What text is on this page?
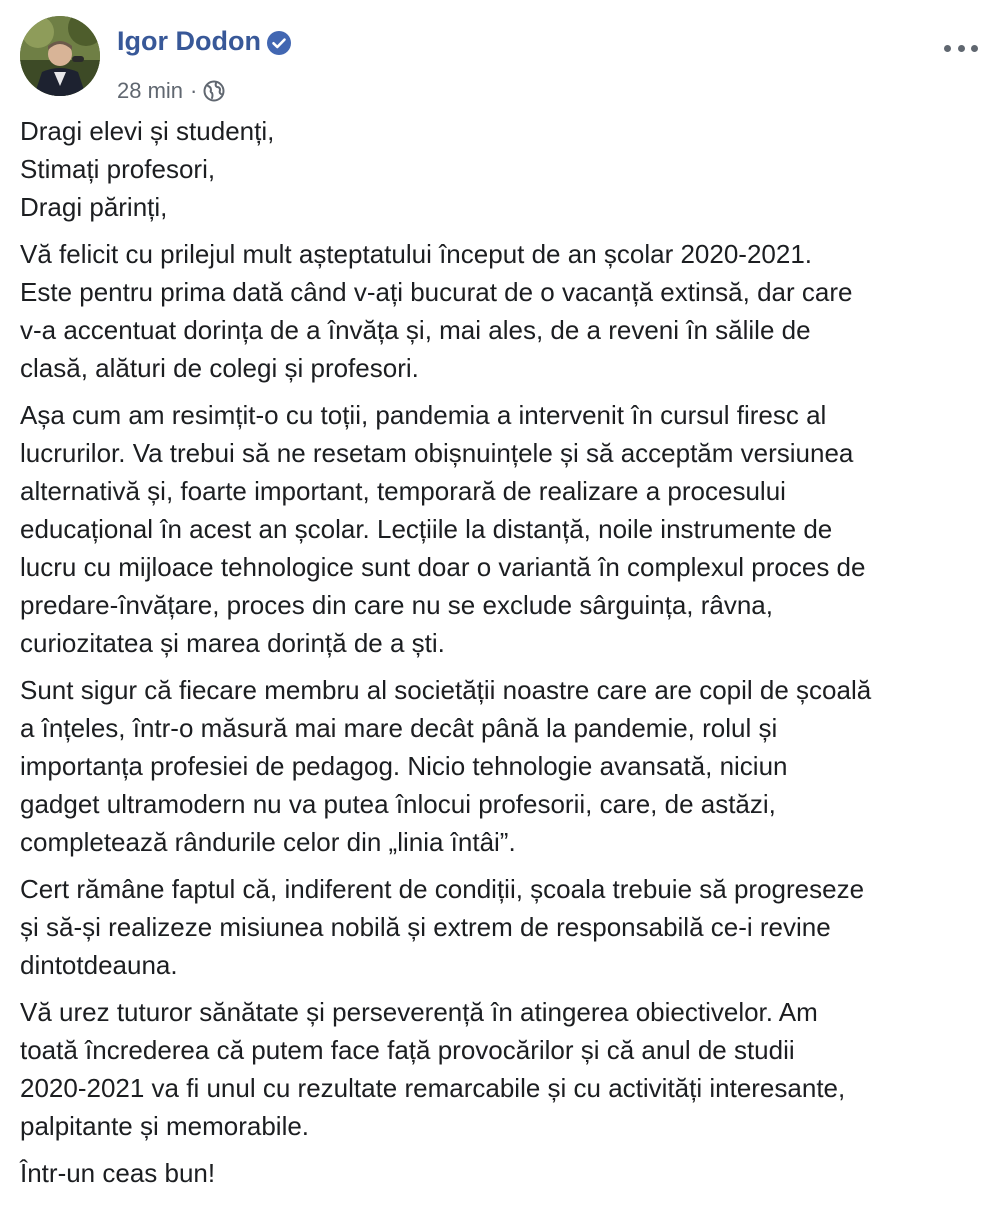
Igor Dodon
28 min ·

Dragi elevi și studenți,
Stimați profesori,
Dragi părinți,

Vă felicit cu prilejul mult așteptatului început de an școlar 2020-2021.
Este pentru prima dată când v-ați bucurat de o vacanță extinsă, dar care
v-a accentuat dorința de a învăța și, mai ales, de a reveni în sălile de
clasă, alături de colegi și profesori.

Așa cum am resimțit-o cu toții, pandemia a intervenit în cursul firesc al
lucrurilor. Va trebui să ne resetam obișnuințele și să acceptăm versiunea
alternativă și, foarte important, temporară de realizare a procesului
educațional în acest an școlar. Lecțiile la distanță, noile instrumente de
lucru cu mijloace tehnologice sunt doar o variantă în complexul proces de
predare-învățare, proces din care nu se exclude sârguința, râvna,
curiozitatea și marea dorință de a ști.

Sunt sigur că fiecare membru al societății noastre care are copil de școală
a înțeles, într-o măsură mai mare decât până la pandemie, rolul și
importanța profesiei de pedagog. Nicio tehnologie avansată, niciun
gadget ultramodern nu va putea înlocui profesorii, care, de astăzi,
completează rândurile celor din „linia întâi”.

Cert rămâne faptul că, indiferent de condiții, școala trebuie să progreseze
și să-și realizeze misiunea nobilă și extrem de responsabilă ce-i revine
dintotdeauna.

Vă urez tuturor sănătate și perseverență în atingerea obiectivelor. Am
toată încrederea că putem face față provocărilor și că anul de studii
2020-2021 va fi unul cu rezultate remarcabile și cu activități interesante,
palpitante și memorabile.

Într-un ceas bun!
